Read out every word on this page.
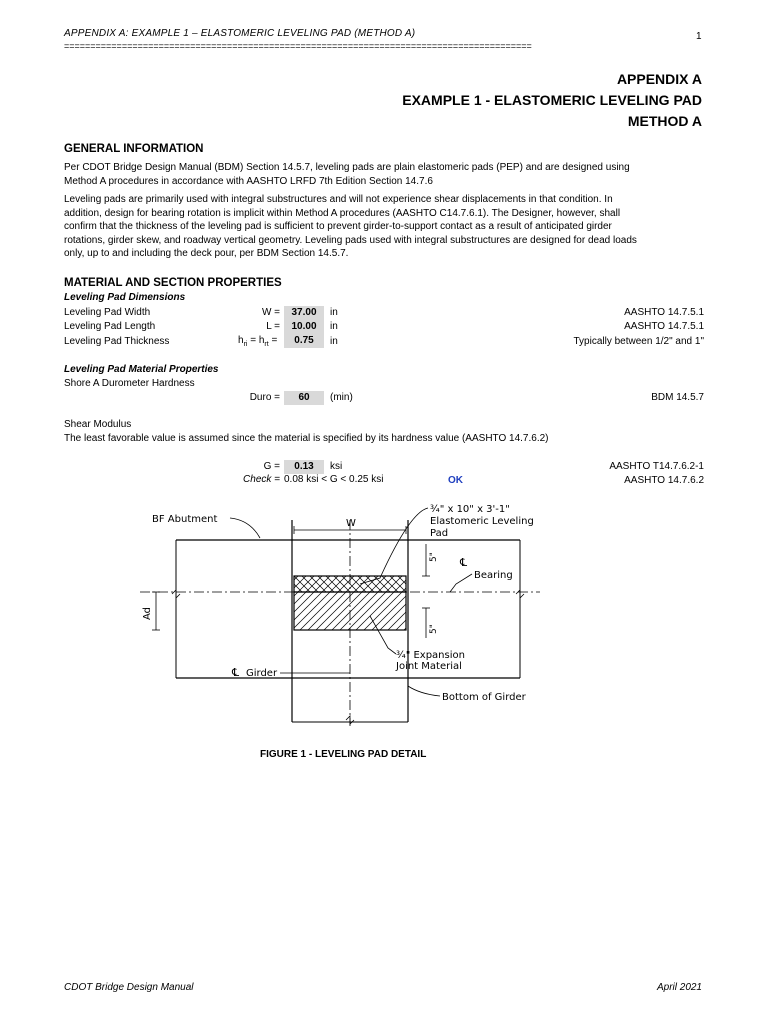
APPENDIX A: EXAMPLE 1 – ELASTOMERIC LEVELING PAD (METHOD A)
=========================================================================================
1
APPENDIX A
EXAMPLE 1 - ELASTOMERIC LEVELING PAD
METHOD A
GENERAL INFORMATION
Per CDOT Bridge Design Manual (BDM) Section 14.5.7, leveling pads are plain elastomeric pads (PEP) and are designed using
Method A procedures in accordance with AASHTO LRFD 7th Edition Section 14.7.6
Leveling pads are primarily used with integral substructures and will not experience shear displacements in that condition. In
addition, design for bearing rotation is implicit within Method A procedures (AASHTO C14.7.6.1). The Designer, however, shall
confirm that the thickness of the leveling pad is sufficient to prevent girder-to-support contact as a result of anticipated girder
rotations, girder skew, and roadway vertical geometry. Leveling pads used with integral substructures are designed for dead loads
only, up to and including the deck pour, per BDM Section 14.5.7.
MATERIAL AND SECTION PROPERTIES
Leveling Pad Dimensions
Leveling Pad Width	W =	37.00	in	AASHTO 14.7.5.1
Leveling Pad Length	L =	10.00	in	AASHTO 14.7.5.1
Leveling Pad Thickness	$h_{ri} = h_{rt}$ =	0.75	in	Typically between 1/2" and 1"
Leveling Pad Material Properties
Shore A Durometer Hardness
Duro =	60	(min)	BDM 14.5.7
Shear Modulus
The least favorable value is assumed since the material is specified by its hardness value (AASHTO 14.7.6.2)
G =	0.13	ksi	AASHTO T14.7.6.2-1
Check = 0.08 ksi < G < 0.25 ksi	OK	AASHTO 14.7.6.2
W
5"
5"
Ad
BF Abutment
¾" x 10" x 3'-1"
Elastomeric Leveling
Pad
℄
Bearing
¾" Expansion
Joint Material
℄ Girder
Bottom of Girder
FIGURE 1 - LEVELING PAD DETAIL
CDOT Bridge Design Manual	April 2021
